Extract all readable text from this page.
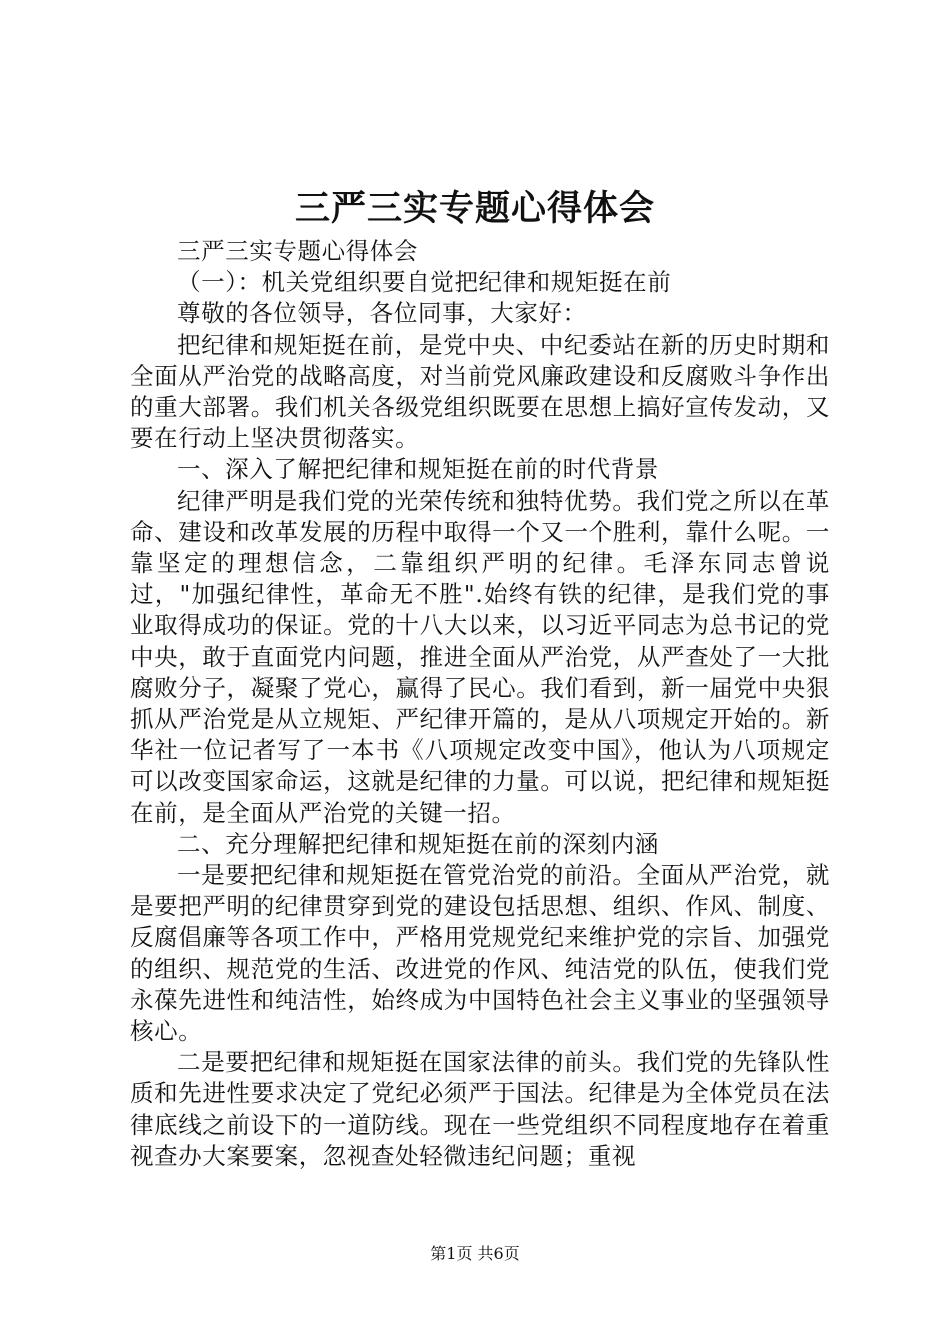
三严三实专题心得体会

三严三实专题心得体会

（一）：机关党组织要自觉把纪律和规矩挺在前

尊敬的各位领导，各位同事，大家好：

把纪律和规矩挺在前，是党中央、中纪委站在新的历史时期和全面从严治党的战略高度，对当前党风廉政建设和反腐败斗争作出的重大部署。我们机关各级党组织既要在思想上搞好宣传发动，又要在行动上坚决贯彻落实。

一、深入了解把纪律和规矩挺在前的时代背景

纪律严明是我们党的光荣传统和独特优势。我们党之所以在革命、建设和改革发展的历程中取得一个又一个胜利，靠什么呢。一靠坚定的理想信念，二靠组织严明的纪律。毛泽东同志曾说过，"加强纪律性，革命无不胜".始终有铁的纪律，是我们党的事业取得成功的保证。党的十八大以来，以习近平同志为总书记的党中央，敢于直面党内问题，推进全面从严治党，从严查处了一大批腐败分子，凝聚了党心，赢得了民心。我们看到，新一届党中央狠抓从严治党是从立规矩、严纪律开篇的，是从八项规定开始的。新华社一位记者写了一本书《八项规定改变中国》，他认为八项规定可以改变国家命运，这就是纪律的力量。可以说，把纪律和规矩挺在前，是全面从严治党的关键一招。

二、充分理解把纪律和规矩挺在前的深刻内涵

一是要把纪律和规矩挺在管党治党的前沿。全面从严治党，就是要把严明的纪律贯穿到党的建设包括思想、组织、作风、制度、反腐倡廉等各项工作中，严格用党规党纪来维护党的宗旨、加强党的组织、规范党的生活、改进党的作风、纯洁党的队伍，使我们党永葆先进性和纯洁性，始终成为中国特色社会主义事业的坚强领导核心。

二是要把纪律和规矩挺在国家法律的前头。我们党的先锋队性质和先进性要求决定了党纪必须严于国法。纪律是为全体党员在法律底线之前设下的一道防线。现在一些党组织不同程度地存在着重视查办大案要案，忽视查处轻微违纪问题；重视

第1页 共6页
